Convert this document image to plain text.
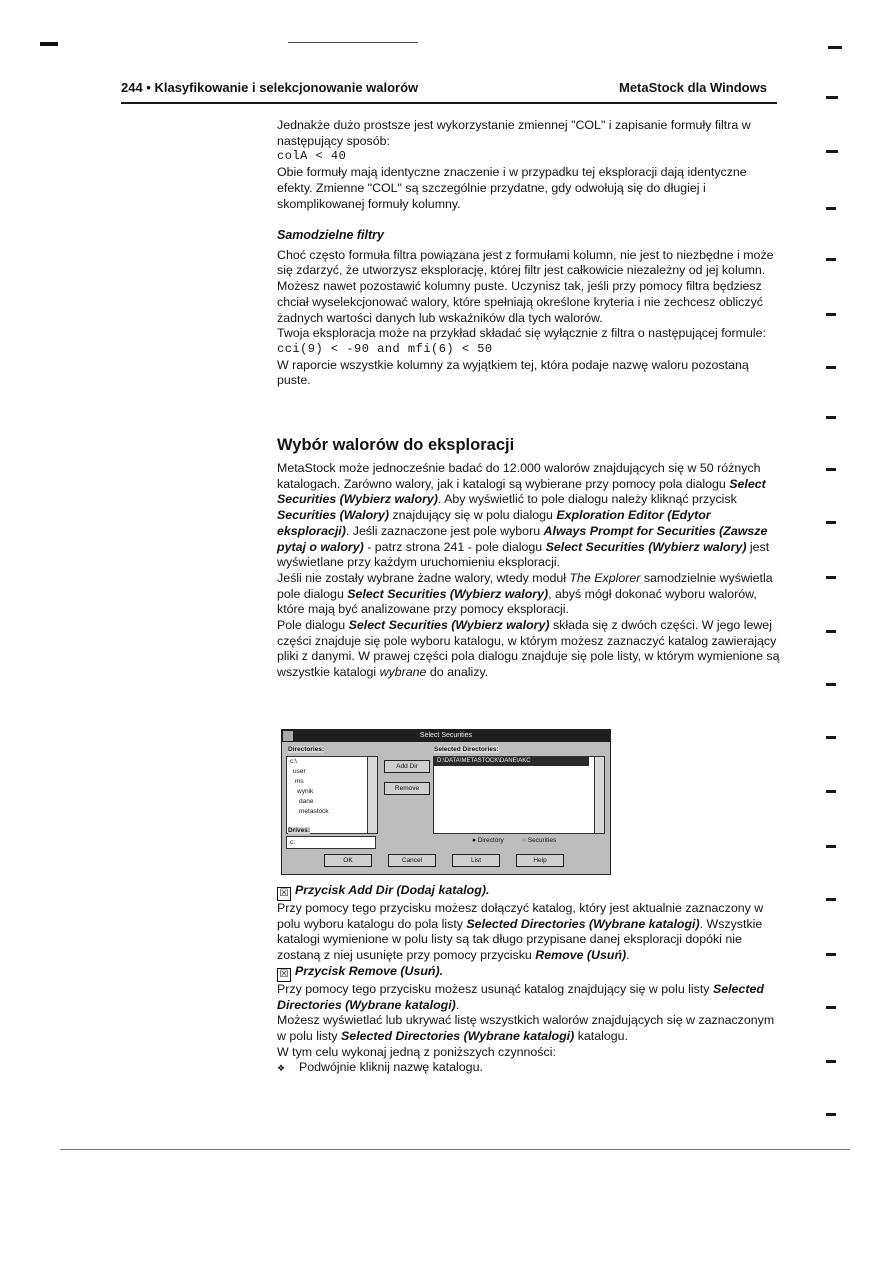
244 • Klasyfikowanie i selekcjonowanie walorów	MetaStock dla Windows

Jednakże dużo prostsze jest wykorzystanie zmiennej "COL" i zapisanie formuły filtra w następujący sposób:

colA < 40

Obie formuły mają identyczne znaczenie i w przypadku tej eksploracji dają identyczne efekty. Zmienne "COL" są szczególnie przydatne, gdy odwołują się do długiej i skomplikowanej formuły kolumny.

Samodzielne filtry

Choć często formuła filtra powiązana jest z formułami kolumn, nie jest to niezbędne i może się zdarzyć, że utworzysz eksplorację, której filtr jest całkowicie niezależny od jej kolumn. Możesz nawet pozostawić kolumny puste. Uczynisz tak, jeśli przy pomocy filtra będziesz chciał wyselekcjonować walory, które spełniają określone kryteria i nie zechcesz obliczyć żadnych wartości danych lub wskaźników dla tych walorów.

Twoja eksploracja może na przykład składać się wyłącznie z filtra o następującej formule:

cci(9) < -90 and mfi(6) < 50

W raporcie wszystkie kolumny za wyjątkiem tej, która podaje nazwę waloru pozostaną puste.

Wybór walorów do eksploracji

MetaStock może jednocześnie badać do 12.000 walorów znajdujących się w 50 różnych katalogach. Zarówno walory, jak i katalogi są wybierane przy pomocy pola dialogu Select Securities (Wybierz walory). Aby wyświetlić to pole dialogu należy kliknąć przycisk Securities (Walory) znajdujący się w polu dialogu Exploration Editor (Edytor eksploracji). Jeśli zaznaczone jest pole wyboru Always Prompt for Securities (Zawsze pytaj o walory) - patrz strona 241 - pole dialogu Select Securities (Wybierz walory) jest wyświetlane przy każdym uruchomieniu eksploracji.

Jeśli nie zostały wybrane żadne walory, wtedy moduł The Explorer samodzielnie wyświetla pole dialogu Select Securities (Wybierz walory), abyś mógł dokonać wyboru walorów, które mają być analizowane przy pomocy eksploracji.

Pole dialogu Select Securities (Wybierz walory) składa się z dwóch części. W jego lewej części znajduje się pole wyboru katalogu, w którym możesz zaznaczyć katalog zawierający pliki z danymi. W prawej części pola dialogu znajduje się pole listy, w którym wymienione są wszystkie katalogi wybrane do analizy.

Select Securities
Directories:	Selected Directories:
c:\
user
ms
wynik
dane
metastock
Add Dir
Remove
D:\DATA\METASTOCK\DANE\AKC
Drives:
c:	● Directory	○ Securities
OK	Cancel	List	Help

☒ Przycisk Add Dir (Dodaj katalog).

Przy pomocy tego przycisku możesz dołączyć katalog, który jest aktualnie zaznaczony w polu wyboru katalogu do pola listy Selected Directories (Wybrane katalogi). Wszystkie katalogi wymienione w polu listy są tak długo przypisane danej eksploracji dopóki nie zostaną z niej usunięte przy pomocy przycisku Remove (Usuń).

☒ Przycisk Remove (Usuń).

Przy pomocy tego przycisku możesz usunąć katalog znajdujący się w polu listy Selected Directories (Wybrane katalogi).

Możesz wyświetlać lub ukrywać listę wszystkich walorów znajdujących się w zaznaczonym w polu listy Selected Directories (Wybrane katalogi) katalogu.

W tym celu wykonaj jedną z poniższych czynności:

❖ Podwójnie kliknij nazwę katalogu.
